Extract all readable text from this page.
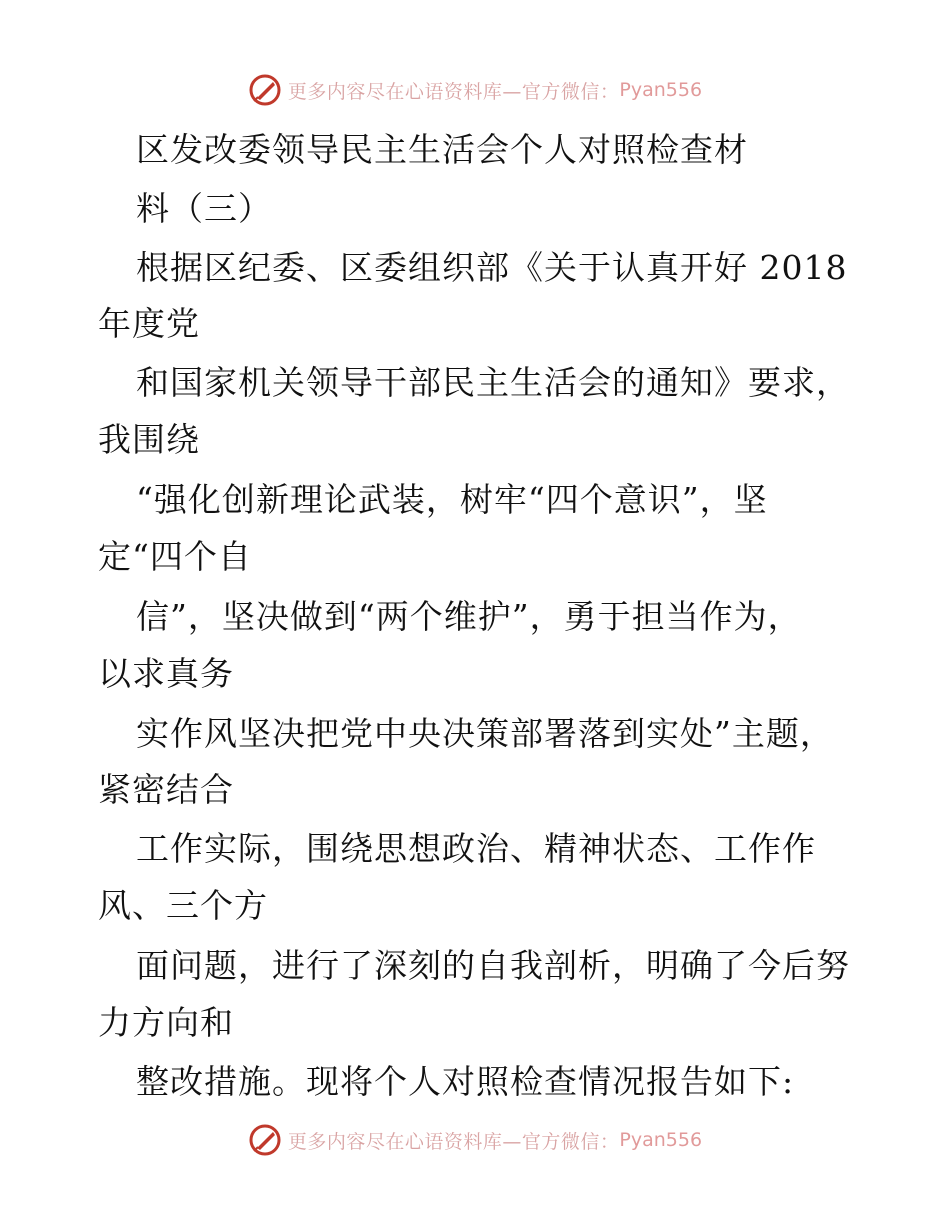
更多内容尽在心语资料库—官方微信： Pyan556
区发改委领导民主生活会个人对照检查材
料（三）
根据区纪委、区委组织部《关于认真开好 2018
年度党
和国家机关领导干部民主生活会的通知》要求，
我围绕
“强化创新理论武装，树牢“四个意识”，坚
定“四个自
信”，坚决做到“两个维护”，勇于担当作为，
以求真务
实作风坚决把党中央决策部署落到实处”主题，
紧密结合
工作实际，围绕思想政治、精神状态、工作作
风、三个方
面问题，进行了深刻的自我剖析，明确了今后努
力方向和
整改措施。现将个人对照检查情况报告如下:
更多内容尽在心语资料库—官方微信： Pyan556
